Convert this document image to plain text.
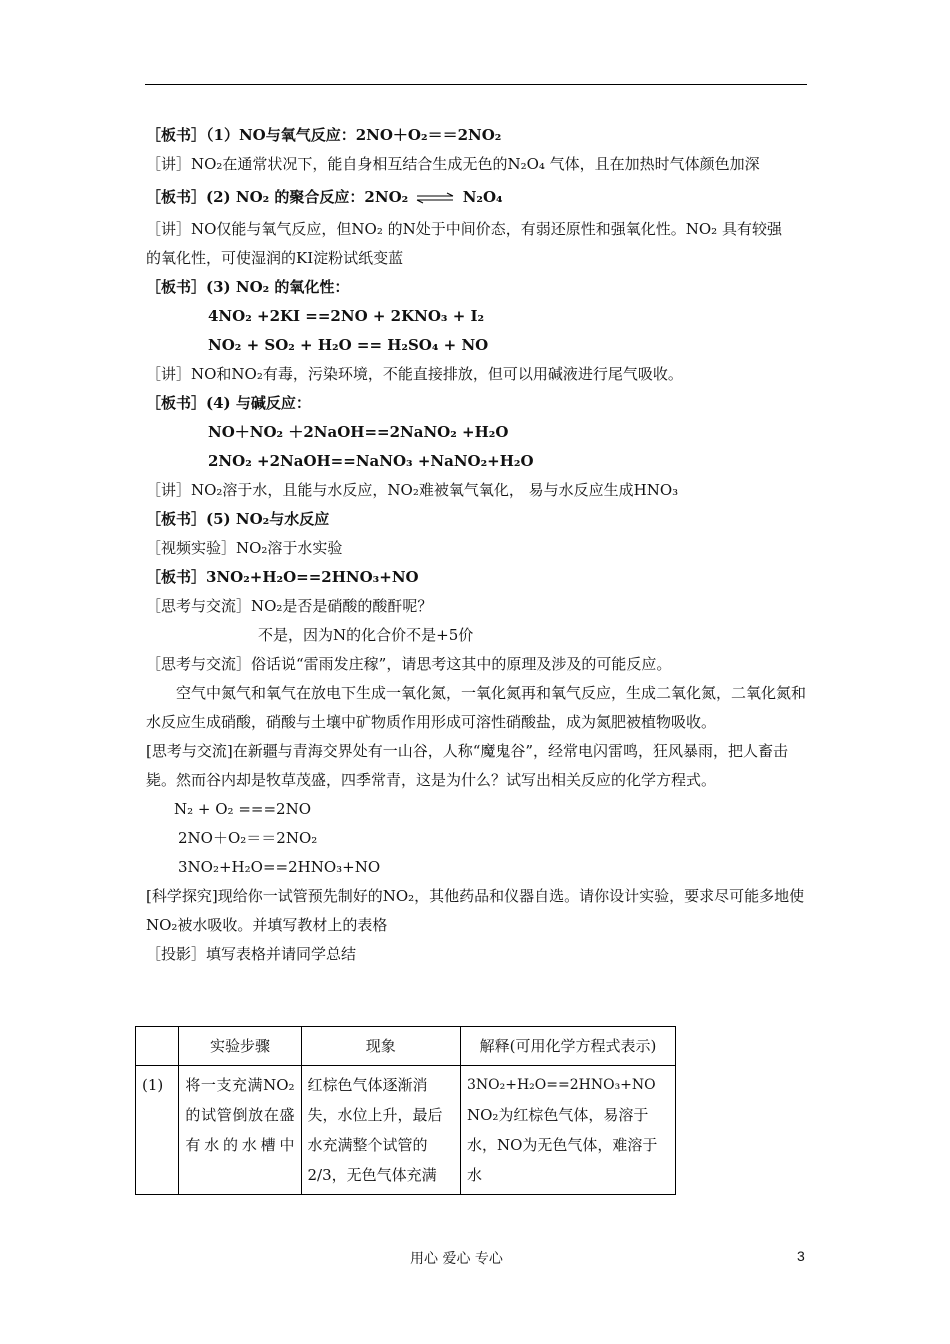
［板书］（1）NO与氧气反应：2NO＋O₂＝＝2NO₂
［讲］NO₂在通常状况下，能自身相互结合生成无色的N₂O₄ 气体，且在加热时气体颜色加深
［板书］(2) NO₂ 的聚合反应：2NO₂ ⇌ N₂O₄
［讲］NO仅能与氧气反应，但NO₂ 的N处于中间价态，有弱还原性和强氧化性。NO₂ 具有较强
的氧化性，可使湿润的KI淀粉试纸变蓝
［板书］(3) NO₂ 的氧化性：
4NO₂ +2KI ==2NO + 2KNO₃ + I₂
NO₂ + SO₂ + H₂O == H₂SO₄ + NO
［讲］NO和NO₂有毒，污染环境，不能直接排放，但可以用碱液进行尾气吸收。
［板书］(4) 与碱反应：
NO＋NO₂ ＋2NaOH==2NaNO₂ +H₂O
2NO₂ +2NaOH==NaNO₃ +NaNO₂+H₂O
［讲］NO₂溶于水，且能与水反应，NO₂难被氧气氧化， 易与水反应生成HNO₃
［板书］(5) NO₂与水反应
［视频实验］NO₂溶于水实验
［板书］3NO₂+H₂O==2HNO₃+NO
［思考与交流］NO₂是否是硝酸的酸酐呢？
不是，因为N的化合价不是+5价
［思考与交流］俗话说“雷雨发庄稼”，请思考这其中的原理及涉及的可能反应。
空气中氮气和氧气在放电下生成一氧化氮，一氧化氮再和氧气反应，生成二氧化氮，二氧化氮和水反应生成硝酸，硝酸与土壤中矿物质作用形成可溶性硝酸盐，成为氮肥被植物吸收。
[思考与交流]在新疆与青海交界处有一山谷，人称“魔鬼谷”，经常电闪雷鸣，狂风暴雨，把人畜击毙。然而谷内却是牧草茂盛，四季常青，这是为什么？试写出相关反应的化学方程式。
N₂ + O₂ ===2NO
2NO＋O₂＝＝2NO₂
3NO₂+H₂O==2HNO₃+NO
[科学探究]现给你一试管预先制好的NO₂，其他药品和仪器自选。请你设计实验，要求尽可能多地使NO₂被水吸收。并填写教材上的表格
［投影］填写表格并请同学总结
	实验步骤	现象	解释(可用化学方程式表示)
(1)	将一支充满NO₂的试管倒放在盛有水的水槽中	红棕色气体逐渐消失，水位上升，最后水充满整个试管的2/3，无色气体充满	3NO₂+H₂O==2HNO₃+NO
NO₂为红棕色气体，易溶于水，NO为无色气体，难溶于水
用心 爱心 专心	3
